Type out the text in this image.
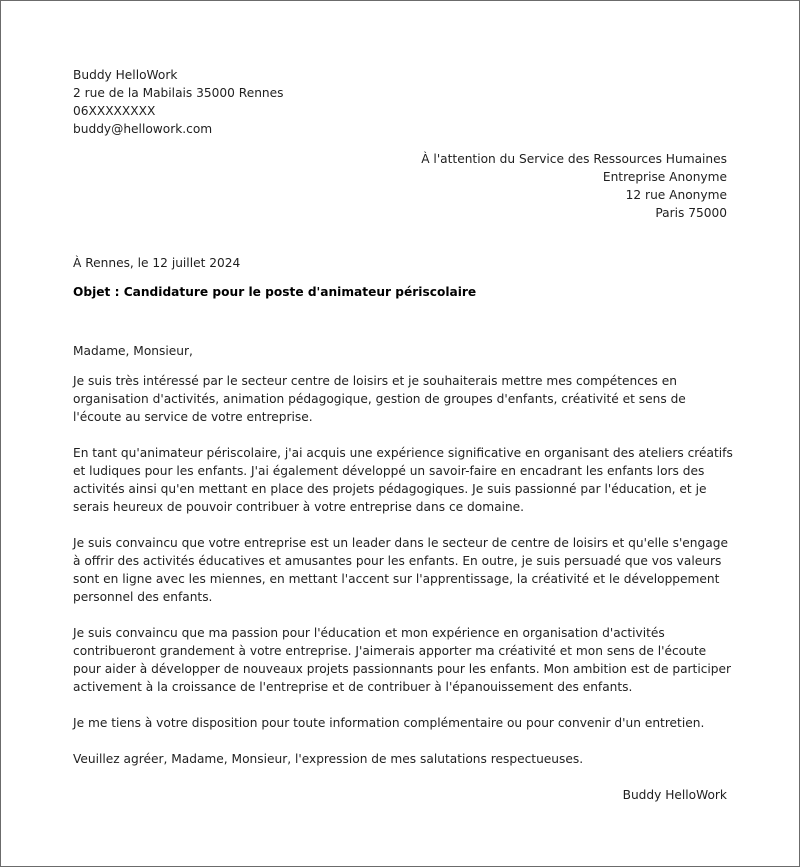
Buddy HelloWork
2 rue de la Mabilais 35000 Rennes
06XXXXXXXX
buddy@hellowork.com
À l'attention du Service des Ressources Humaines
Entreprise Anonyme
12 rue Anonyme
Paris 75000
À Rennes, le 12 juillet 2024
Objet : Candidature pour le poste d'animateur périscolaire
Madame, Monsieur,

Je suis très intéressé par le secteur centre de loisirs et je souhaiterais mettre mes compétences en organisation d'activités, animation pédagogique, gestion de groupes d'enfants, créativité et sens de l'écoute au service de votre entreprise.

En tant qu'animateur périscolaire, j'ai acquis une expérience significative en organisant des ateliers créatifs et ludiques pour les enfants. J'ai également développé un savoir-faire en encadrant les enfants lors des activités ainsi qu'en mettant en place des projets pédagogiques. Je suis passionné par l'éducation, et je serais heureux de pouvoir contribuer à votre entreprise dans ce domaine.

Je suis convaincu que votre entreprise est un leader dans le secteur de centre de loisirs et qu'elle s'engage à offrir des activités éducatives et amusantes pour les enfants. En outre, je suis persuadé que vos valeurs sont en ligne avec les miennes, en mettant l'accent sur l'apprentissage, la créativité et le développement personnel des enfants.

Je suis convaincu que ma passion pour l'éducation et mon expérience en organisation d'activités contribueront grandement à votre entreprise. J'aimerais apporter ma créativité et mon sens de l'écoute pour aider à développer de nouveaux projets passionnants pour les enfants. Mon ambition est de participer activement à la croissance de l'entreprise et de contribuer à l'épanouissement des enfants.

Je me tiens à votre disposition pour toute information complémentaire ou pour convenir d'un entretien.

Veuillez agréer, Madame, Monsieur, l'expression de mes salutations respectueuses.

Buddy HelloWork
